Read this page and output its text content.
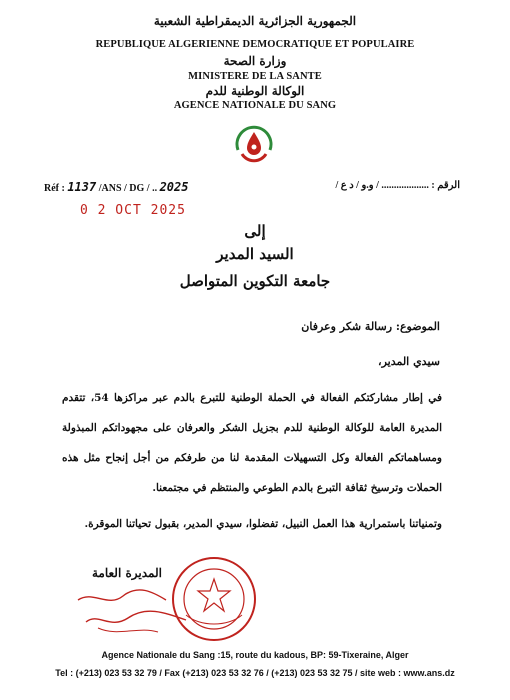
الجمهورية الجزائرية الديمقراطية الشعبية
REPUBLIQUE ALGERIENNE DEMOCRATIQUE ET POPULAIRE
وزارة الصحة
MINISTERE DE LA SANTE
الوكالة الوطنية للدم
AGENCE NATIONALE DU SANG
Réf : 1137 /ANS / DG / .. 2025	الرقم : ................... / و.و / د ع /
0 2 OCT 2025
إلى
السيد المدير
جامعة التكوين المتواصل
الموضوع: رسالة شكر وعرفان
سيدي المدير،
في إطار مشاركتكم الفعالة في الحملة الوطنية للتبرع بالدم عبر مراكزها 54، تتقدم
المديرة العامة للوكالة الوطنية للدم بجزيل الشكر والعرفان على مجهوداتكم المبذولة
ومساهماتكم الفعالة وكل التسهيلات المقدمة لنا من طرفكم من أجل إنجاح مثل هذه
الحملات وترسيخ ثقافة التبرع بالدم الطوعي والمنتظم في مجتمعنا.
وتمنياتنا باستمرارية هذا العمل النبيل، تفضلوا، سيدي المدير، بقبول تحياتنا الموقرة.
المديرة العامة
Agence Nationale du Sang :15, route du kadous, BP: 59-Tixeraine, Alger
Tel : (+213) 023 53 32 79 / Fax (+213) 023 53 32 76 / (+213) 023 53 32 75 / site web : www.ans.dz
